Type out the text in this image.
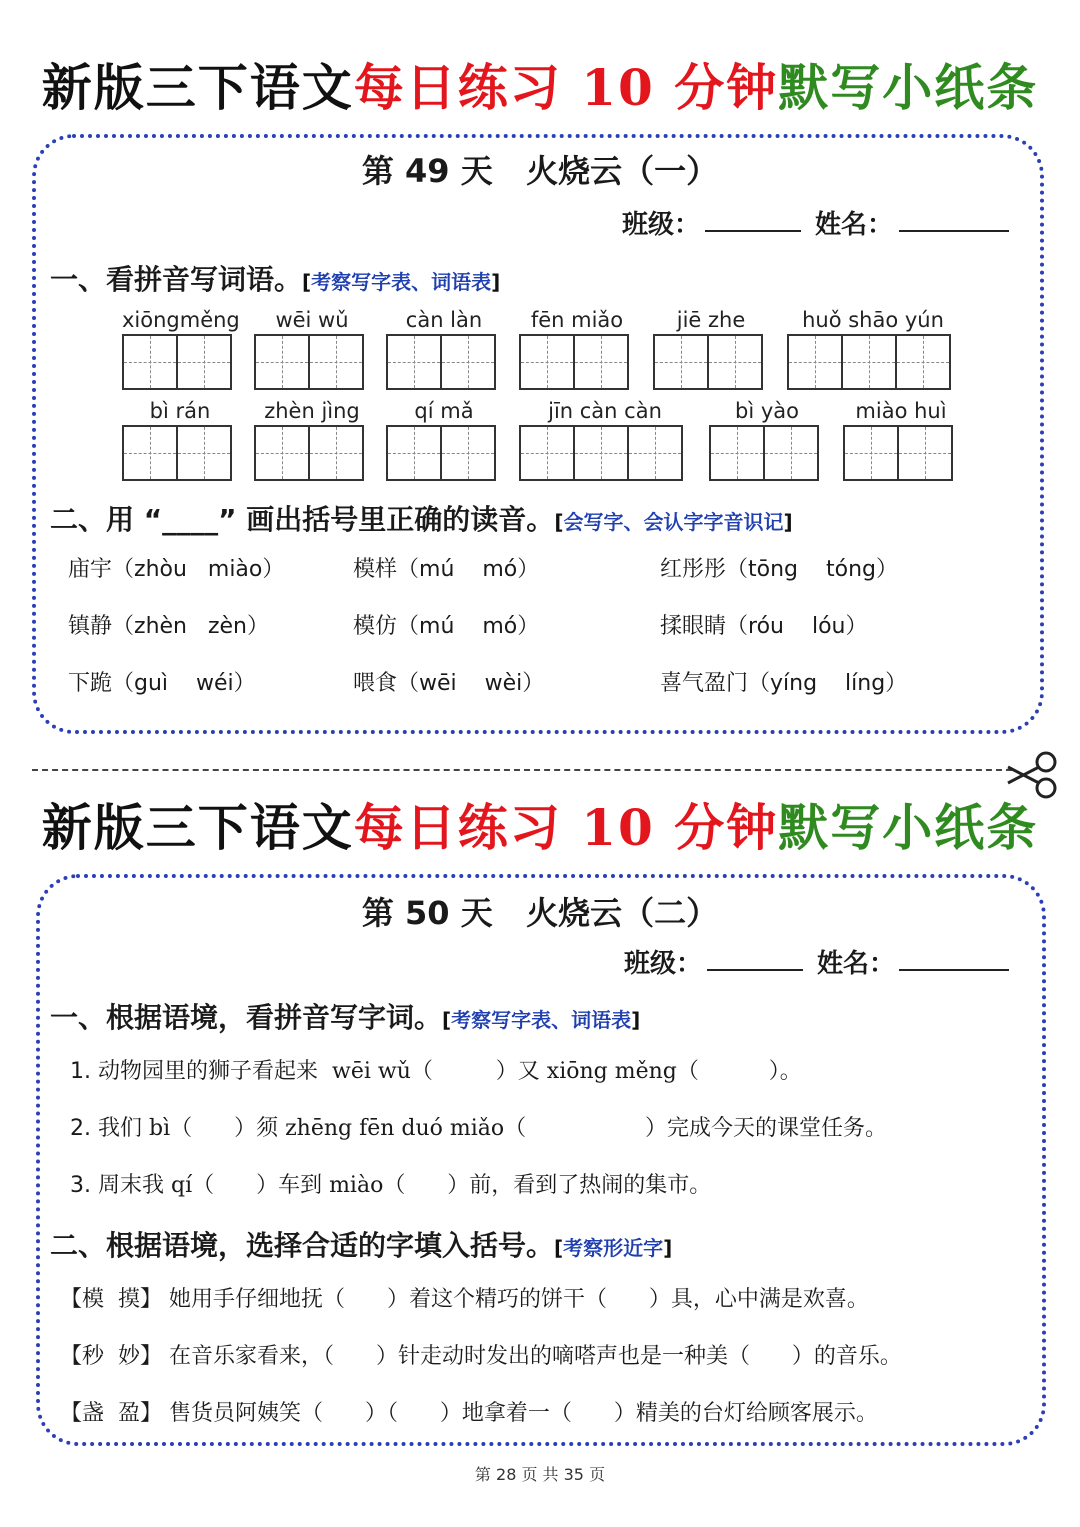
新版三下语文每日练习 10 分钟默写小纸条
第 49 天   火烧云（一）
班级：	姓名：
一、看拼音写词语。[考察写字表、词语表]
xiōngměng	wēi wǔ	càn làn	fēn miǎo	jiē zhe	huǒ shāo yún
bì rán	zhèn jìng	qí mǎ	jīn càn càn	bì yào	miào huì
二、用 “____” 画出括号里正确的读音。[会写字、会认字字音识记]
庙宇（zhòu   miào）	模样（mú    mó）	红彤彤（tōng    tóng）
镇静（zhèn   zèn）	模仿（mú    mó）	揉眼睛（róu    lóu）
下跪（guì    wéi）	喂食（wēi    wèi）	喜气盈门（yíng    líng）
新版三下语文每日练习 10 分钟默写小纸条
第 50 天   火烧云（二）
班级：	姓名：
一、根据语境，看拼音写字词。[考察写字表、词语表]
1. 动物园里的狮子看起来  wēi wǔ（         ）又 xiōng měng（          ）。
2. 我们 bì（      ）须 zhēng fēn duó miǎo（                 ）完成今天的课堂任务。
3. 周末我 qí（      ）车到 miào（      ）前，看到了热闹的集市。
二、根据语境，选择合适的字填入括号。[考察形近字]
【模  摸】 她用手仔细地抚（      ）着这个精巧的饼干（      ）具，心中满是欢喜。
【秒  妙】 在音乐家看来，（      ）针走动时发出的嘀嗒声也是一种美（      ）的音乐。
【盏  盈】 售货员阿姨笑（      ）（      ）地拿着一（      ）精美的台灯给顾客展示。
第 28 页 共 35 页
